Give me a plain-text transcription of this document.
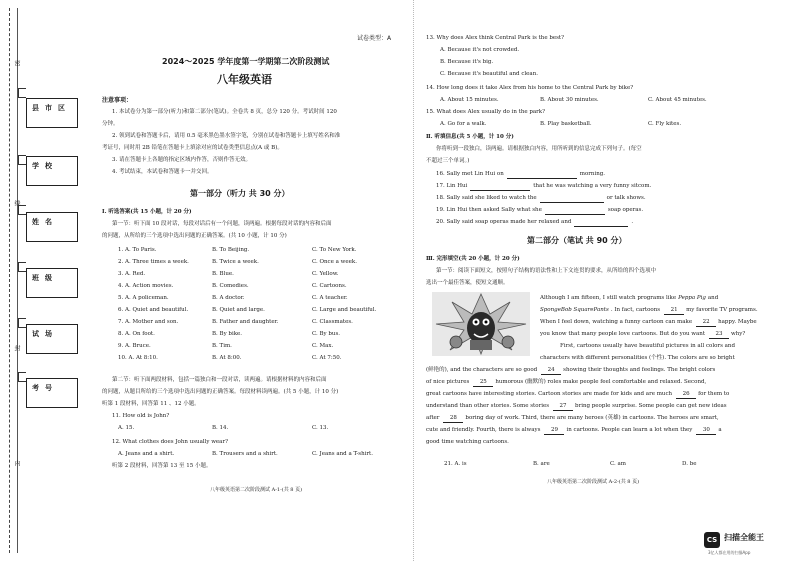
密
线
封
内
县市区
学校
姓名
班级
试场
考号
试卷类型：A
2024～2025 学年度第一学期第二次阶段测试
八年级英语
注意事项：
1. 本试卷分为第一部分(听力)和第二部分(笔试)。全卷共 8 页，总分 120 分。考试时间 120
分钟。
2. 领到试卷和答题卡后，请用 0.5 毫米黑色墨水签字笔，分别在试卷和答题卡上填写姓名和准
考证号，同时用 2B 铅笔在答题卡上填涂对应的试卷类型信息点(A 或 B)。
3. 请在答题卡上各题的指定区域内作答，否则作答无效。
4. 考试结束，本试卷和答题卡一并交回。
第一部分（听力 共 30 分）
Ⅰ. 听选答案(共 15 小题，计 20 分)
第一节：听下面 10 段对话，每段对话后有一个问题，读两遍。根据每段对话的内容和后面
的问题，从所给的三个选项中选出问题的正确答案。(共 10 小题，计 10 分)
1. A. To Paris.	B. To Beijing.	C. To New York.
2. A. Three times a week.	B. Twice a week.	C. Once a week.
3. A. Red.	B. Blue.	C. Yellow.
4. A. Action movies.	B. Comedies.	C. Cartoons.
5. A. A policeman.	B. A doctor.	C. A teacher.
6. A. Quiet and beautiful.	B. Quiet and large.	C. Large and beautiful.
7. A. Mother and son.	B. Father and daughter.	C. Classmates.
8. A. On foot.	B. By bike.	C. By bus.
9. A. Bruce.	B. Tim.	C. Max.
10. A. At 8:10.	B. At 8:00.	C. At 7:50.
第二节：听下面两段材料，包括一篇独白和一段对话，读两遍。请根据材料的内容和后面
的问题，从题目所给的三个选项中选出问题的正确答案。每段材料读两遍。(共 5 小题，计 10 分)
听第 1 段材料，回答第 11 、12 小题。
11. How old is John?
A. 15.	B. 14.	C. 13.
12. What clothes does John usually wear?
A. Jeans and a shirt.	B. Trousers and a shirt.	C. Jeans and a T-shirt.
听第 2 段材料，回答第 13 至 15 小题。
八年级英语第二次阶段测试 A-1-(共 8 页)
13. Why does Alex think Central Park is the best?
A. Because it's not crowded.
B. Because it's big.
C. Because it's beautiful and clean.
14. How long does it take Alex from his home to the Central Park by bike?
A. About 15 minutes.	B. About 30 minutes.	C. About 45 minutes.
15. What does Alex usually do in the park?
A. Go for a walk.	B. Play basketball.	C. Fly kites.
Ⅱ. 听填信息(共 5 小题，计 10 分)
你将听到一段独白，读两遍。请根据独白内容，用所听到的信息完成下列句子。(每空
不超过三个单词。)
16. Sally met Lin Hui on	morning.
17. Lin Hui	that he was watching a very funny sitcom.
18. Sally said she liked to watch the	or talk shows.
19. Lin Hui then asked Sally what she	soap operas.
20. Sally said soap operas made her relaxed and	.
第二部分（笔试 共 90 分）
Ⅲ. 完形填空(共 20 小题，计 20 分)
第一节：阅读下面短文，按照句子结构的语法性和上下文连贯的要求，从所给的四个选项中
选出一个最佳答案，使短文通顺。
Although I am fifteen, I still watch programs like Peppa Pig and
SpongeBob SquarePants . In fact, cartoons 21 my favorite TV programs.
When I feel down, watching a funny cartoon can make 22 happy. Maybe
you know that many people love cartoons. But do you want 23 why?
First, cartoons usually have beautiful pictures in all colors and
characters with different personalities (个性). The colors are so bright
(鲜艳的), and the characters are so good 24 showing their thoughts and feelings. The bright colors
of nice pictures 25 humorous (幽默的) roles make people feel comfortable and relaxed. Second,
great cartoons have interesting stories. Cartoon stories are made for kids and are much 26 for them to
understand than other stories. Some stories 27 bring people surprise. Some people can get new ideas
after 28 boring day of work. Third, there are many heroes (英雄) in cartoons. The heroes are smart,
cute and friendly. Fourth, there is always 29 in cartoons. People can learn a lot when they 30 a
good time watching cartoons.
21. A. is	B. are	C. am	D. be
八年级英语第二次阶段测试 A-2-(共 8 页)
CS 扫描全能王
3亿人都在用的扫描App
